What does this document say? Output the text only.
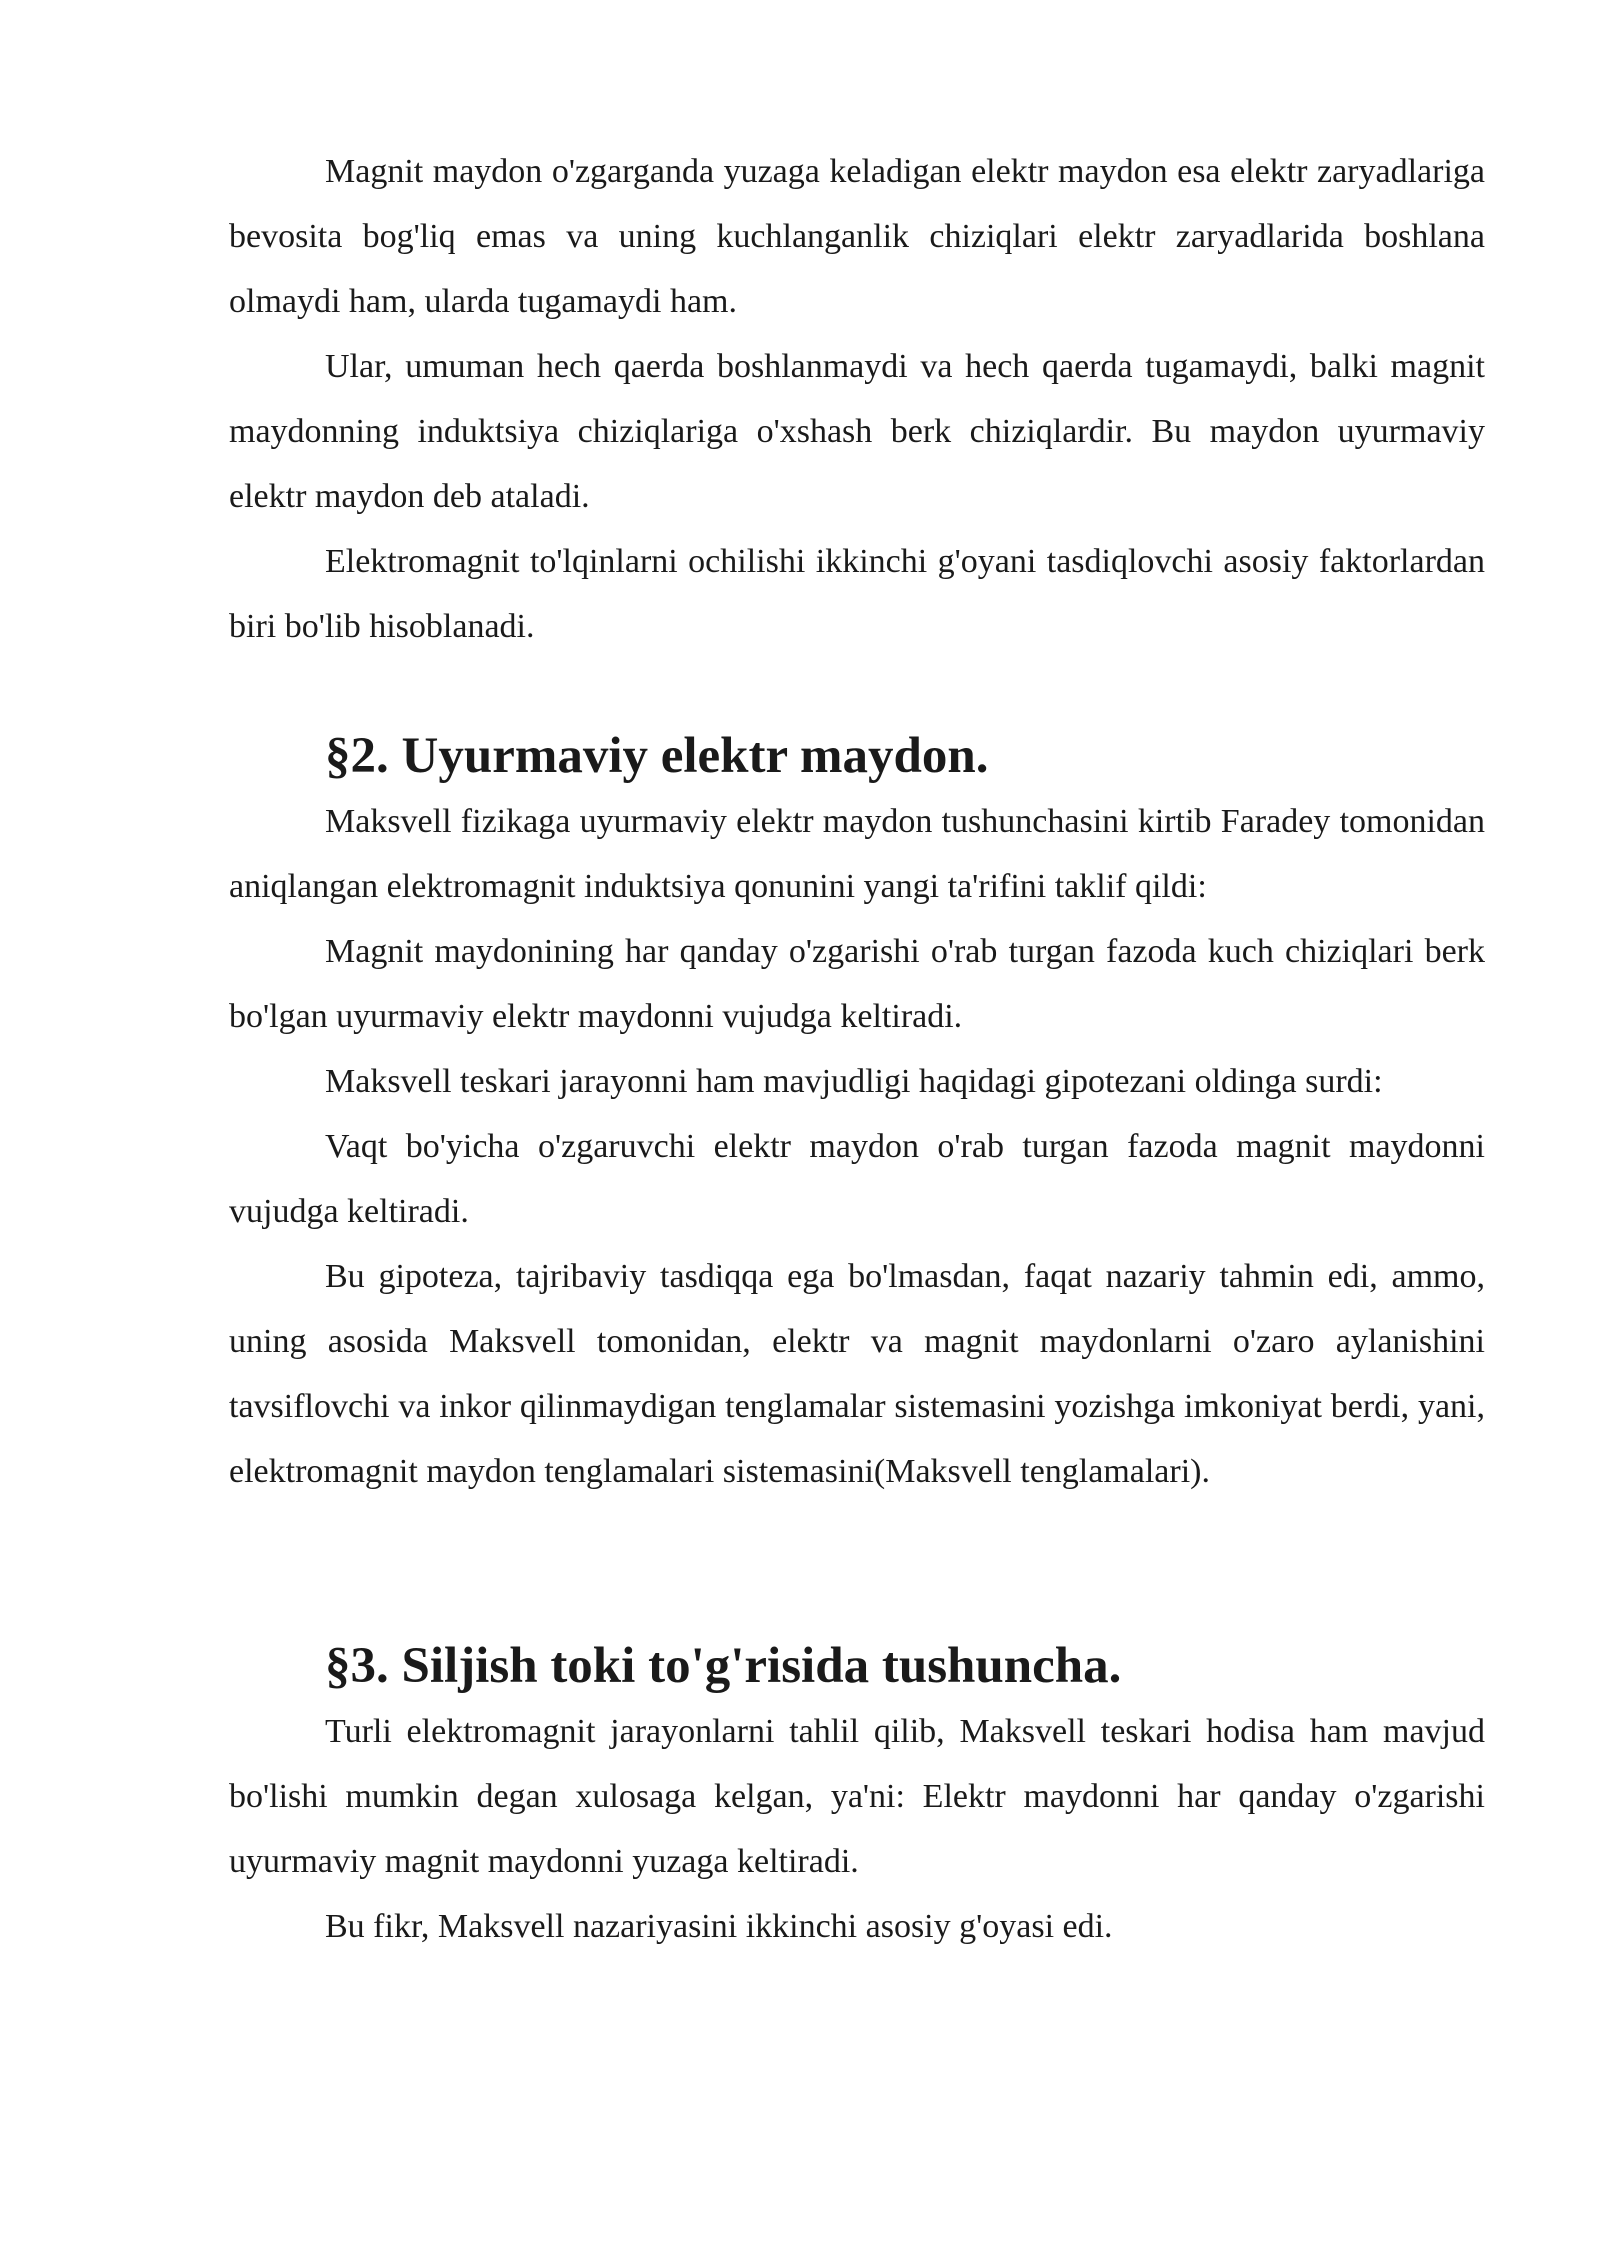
Magnit maydon o'zgarganda yuzaga keladigan elektr maydon esa elektr zaryadlariga bevosita bog'liq emas va uning kuchlanganlik chiziqlari elektr zaryadlarida boshlana olmaydi ham, ularda tugamaydi ham.

Ular, umuman hech qaerda boshlanmaydi va hech qaerda tugamaydi, balki magnit maydonning induktsiya chiziqlariga o'xshash berk chiziqlardir. Bu maydon uyurmaviy elektr maydon deb ataladi.

Elektromagnit to'lqinlarni ochilishi ikkinchi g'oyani tasdiqlovchi asosiy faktorlardan biri bo'lib hisoblanadi.

§2. Uyurmaviy elektr maydon.

Maksvell fizikaga uyurmaviy elektr maydon tushunchasini kirtib Faradey tomonidan aniqlangan elektromagnit induktsiya qonunini yangi ta'rifini taklif qildi:

Magnit maydonining har qanday o'zgarishi o'rab turgan fazoda kuch chiziqlari berk bo'lgan uyurmaviy elektr maydonni vujudga keltiradi.

Maksvell teskari jarayonni ham mavjudligi haqidagi gipotezani oldinga surdi:

Vaqt bo'yicha o'zgaruvchi elektr maydon o'rab turgan fazoda magnit maydonni vujudga keltiradi.

Bu gipoteza, tajribaviy tasdiqqa ega bo'lmasdan, faqat nazariy tahmin edi, ammo, uning asosida Maksvell tomonidan, elektr va magnit maydonlarni o'zaro aylanishini tavsiflovchi va inkor qilinmaydigan tenglamalar sistemasini yozishga imkoniyat berdi, yani, elektromagnit maydon tenglamalari sistemasini(Maksvell tenglamalari).

§3. Siljish toki to'g'risida tushuncha.

Turli elektromagnit jarayonlarni tahlil qilib, Maksvell teskari hodisa ham mavjud bo'lishi mumkin degan xulosaga kelgan, ya'ni: Elektr maydonni har qanday o'zgarishi uyurmaviy magnit maydonni yuzaga keltiradi.

Bu fikr, Maksvell nazariyasini ikkinchi asosiy g'oyasi edi.
